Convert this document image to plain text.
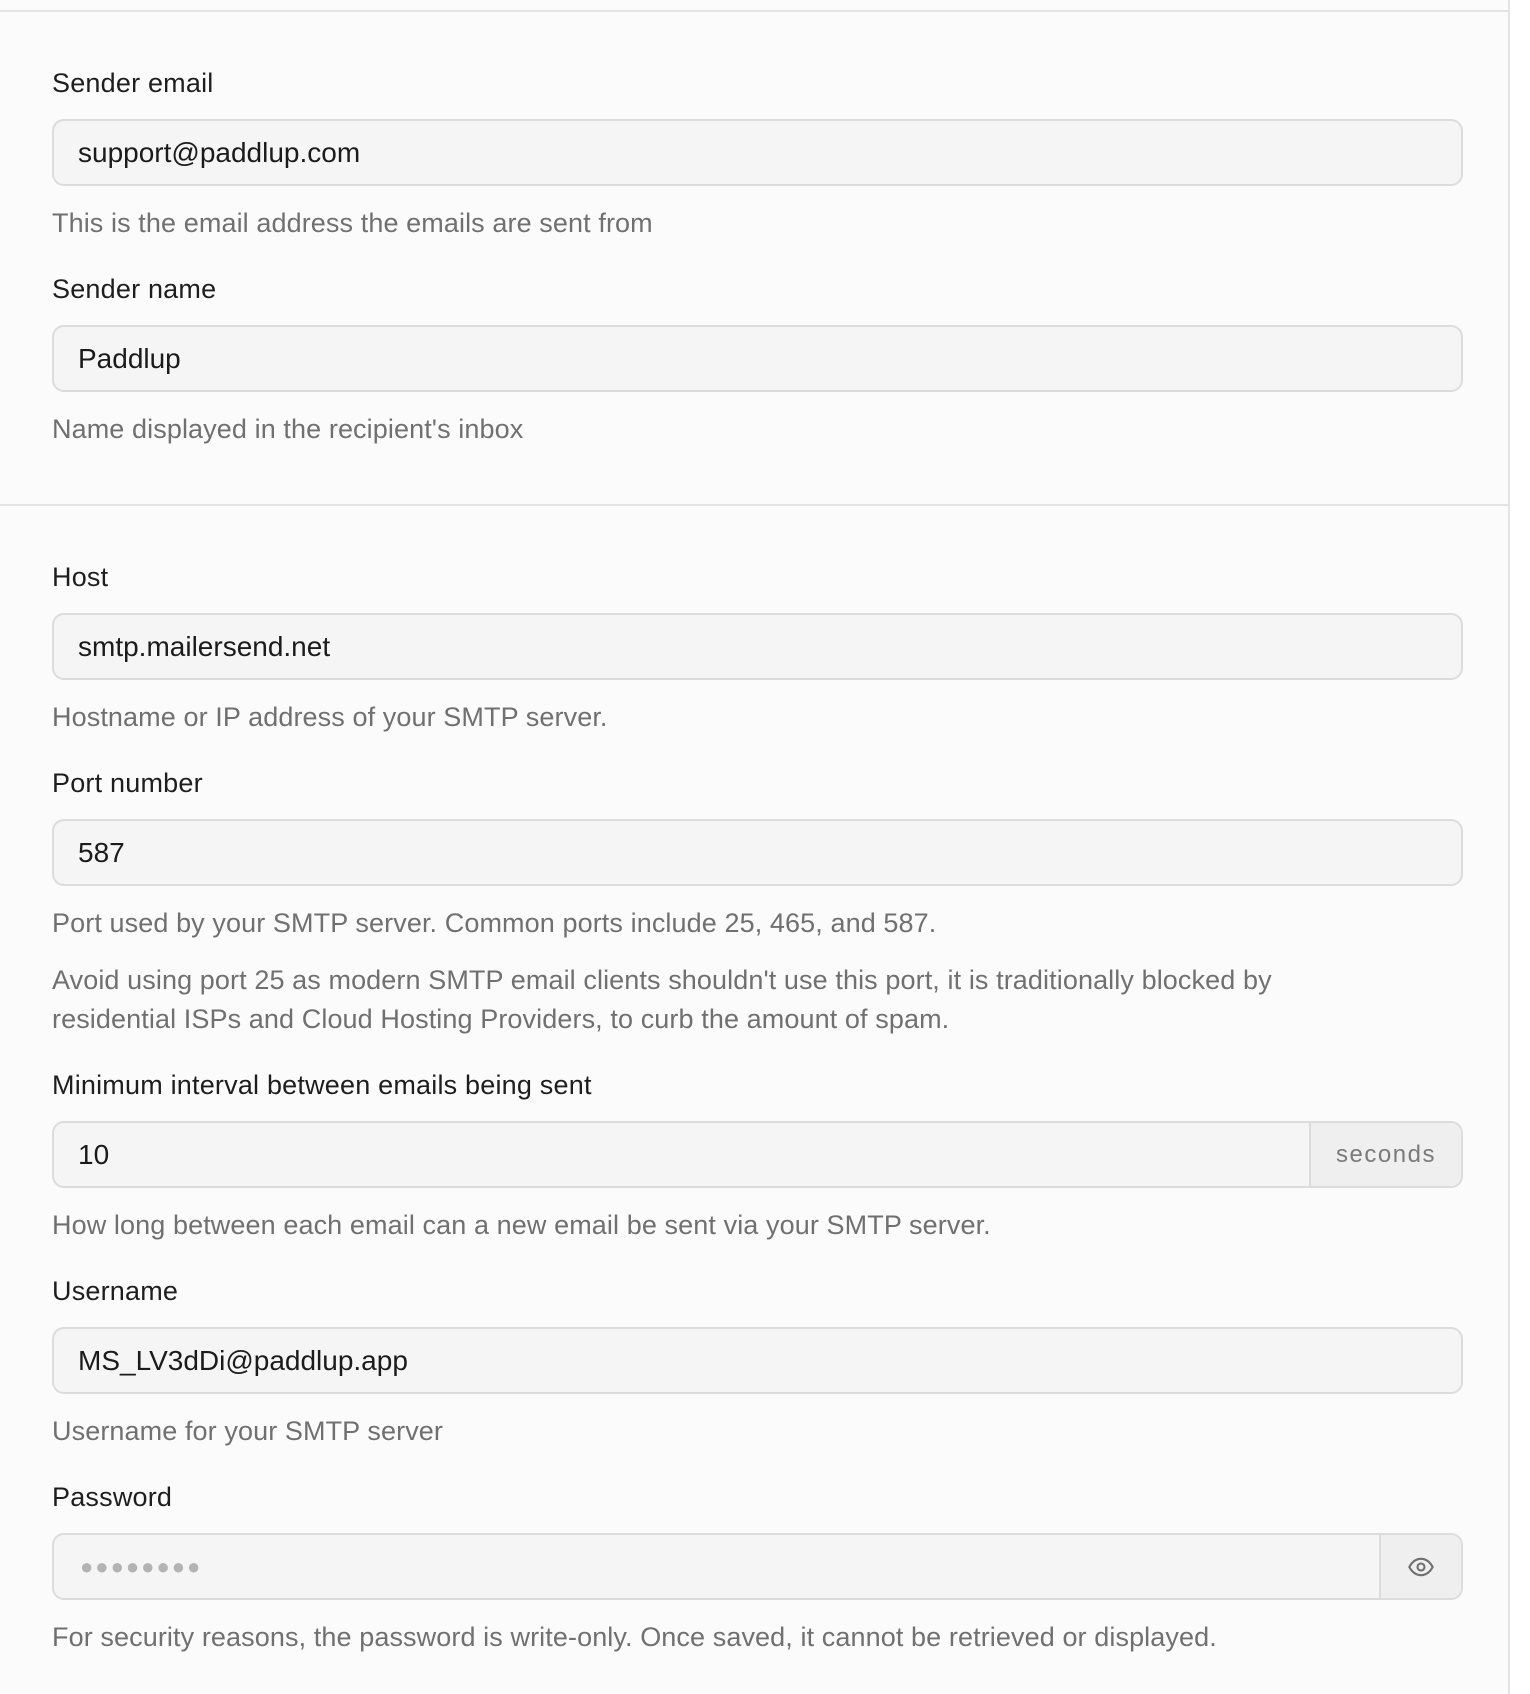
Sender email
support@paddlup.com
This is the email address the emails are sent from
Sender name
Paddlup
Name displayed in the recipient's inbox
Host
smtp.mailersend.net
Hostname or IP address of your SMTP server.
Port number
587
Port used by your SMTP server. Common ports include 25, 465, and 587.
Avoid using port 25 as modern SMTP email clients shouldn't use this port, it is traditionally blocked by residential ISPs and Cloud Hosting Providers, to curb the amount of spam.
Minimum interval between emails being sent
10
seconds
How long between each email can a new email be sent via your SMTP server.
Username
MS_LV3dDi@paddlup.app
Username for your SMTP server
Password
●●●●●●●●
For security reasons, the password is write-only. Once saved, it cannot be retrieved or displayed.
